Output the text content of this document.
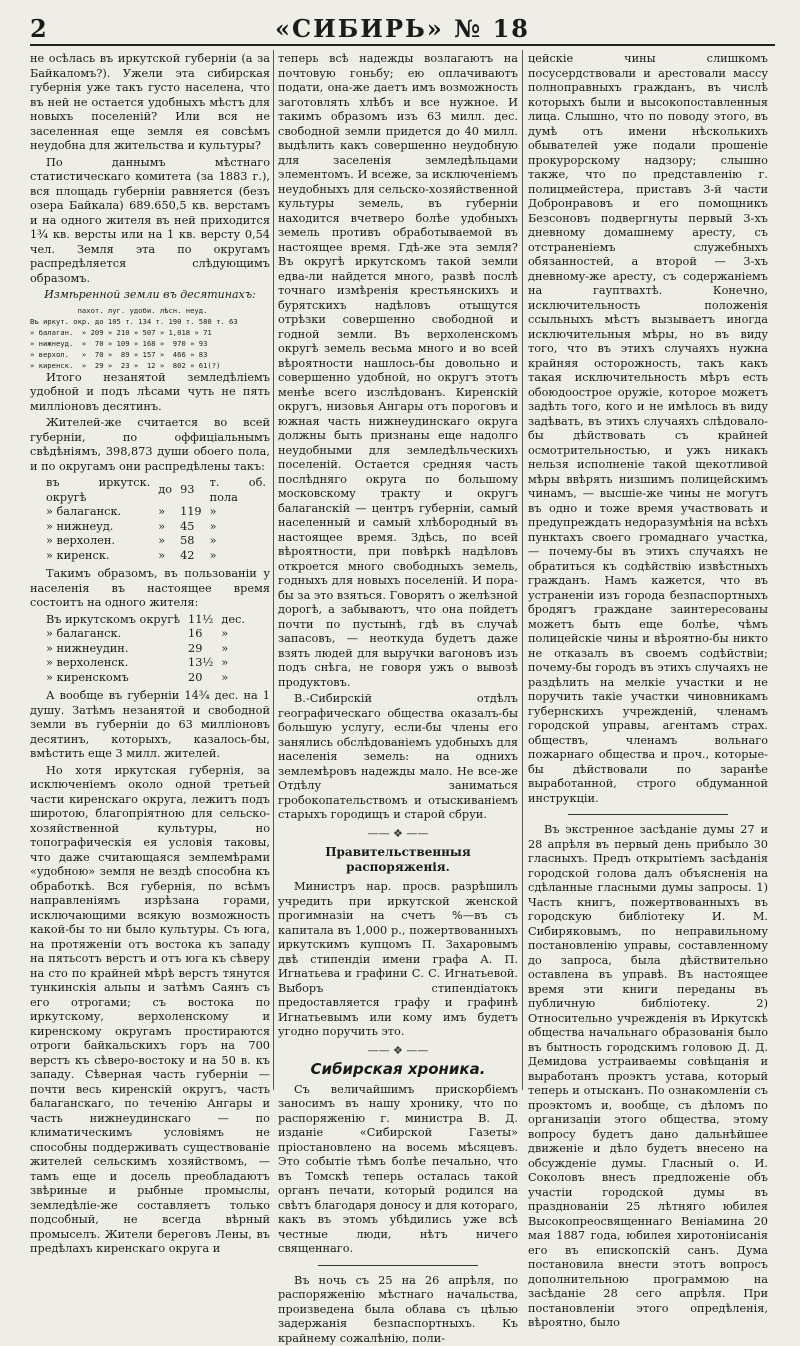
2	«СИБИРЬ» № 18

не осѣлась въ иркутской губерніи (а за Байкаломъ?). Ужели эта сибирская губернія уже такъ густо населена, что въ ней не остается удобныхъ мѣстъ для новыхъ поселеній? Или вся не заселенная еще земля ея совсѣмъ неудобна для жительства и культуры?

По даннымъ мѣстнаго статистическаго комитета (за 1883 г.), вся площадь губерніи равняется (безъ озера Байкала) 689.650,5 кв. верстамъ и на одного жителя въ ней приходится 1¾ кв. версты или на 1 кв. версту 0,54 чел. Земля эта по округамъ распредѣляется слѣдующимъ образомъ.

Измѣренной земли въ десятинахъ:
пахот. луг. удоби. лѣсн. неуд.
Въ иркут. окр. до 105 т. 134 т. 190 т. 580 т. 63
» балаган.  » 209 » 210 » 507 » 1,018 » 71
» нижнеуд.  »  70 » 109 » 168 »  970 » 93
» верхол.   »  70 »  89 » 157 »  466 » 83
» киренск.  »  29 »  23 »  12 »  802 » 61(?)

Итого незанятой земледѣліемъ удобной и подъ лѣсами чуть не пять милліоновъ десятинъ.

Жителей-же считается во всей губерніи, по оффиціальнымъ свѣдѣніямъ, 398,873 души обоего пола, и по округамъ они распредѣлены такъ:

въ иркутск. округѣ	до	93	т. об. пола
» балаганск.	»	119	»
» нижнеуд.	»	45	»
» верхолен.	»	58	»
» киренск.	»	42	»

Такимъ образомъ, въ пользованіи у населенія въ настоящее время состоитъ на одного жителя:

Въ иркутскомъ округѣ	11½	дес.
» балаганск.	16	»
» нижнеудин.	29	»
» верхоленск.	13½	»
» киренскомъ	20	»

А вообще въ губерніи 14¾ дес. на 1 душу. Затѣмъ незанятой и свободной земли въ губерніи до 63 милліоновъ десятинъ, которыхъ, казалось-бы, вмѣстить еще 3 милл. жителей.

Но хотя иркутская губернія, за исключеніемъ около одной третьей части киренскаго округа, лежитъ подъ широтою, благопріятною для сельско-хозяйственной культуры, но топографическія ея условія таковы, что даже считающаяся землемѣрами «удобною» земля не вездѣ способна къ обработкѣ. Вся губернія, по всѣмъ направленіямъ изрѣзана горами, исключающими всякую возможность какой-бы то ни было культуры. Съ юга, на протяженіи отъ востока къ западу на пятьсотъ верстъ и отъ юга къ сѣверу на сто по крайней мѣрѣ верстъ тянутся тункинскія альпы и затѣмъ Саянъ съ его отрогами; съ востока по иркутскому, верхоленскому и киренскому округамъ простираются отроги байкальскихъ горъ на 700 верстъ къ сѣверо-востоку и на 50 в. къ западу. Сѣверная часть губерніи — почти весь киренскій округъ, часть балаганскаго, по теченію Ангары и часть нижнеудинскаго — по климатическимъ условіямъ не способны поддерживать существованіе жителей сельскимъ хозяйствомъ, — тамъ еще и досель преобладаютъ звѣриные и рыбные промыслы, земледѣліе-же составляетъ только подсобный, не всегда вѣрный промыселъ. Жители береговъ Лены, въ предѣлахъ киренскаго округа и

теперь всѣ надежды возлагаютъ на почтовую гоньбу; ею оплачиваютъ подати, она-же даетъ имъ возможность заготовлять хлѣбъ и все нужное. И такимъ образомъ изъ 63 милл. дес. свободной земли придется до 40 милл. выдѣлить какъ совершенно неудобную для заселенія земледѣльцами элементомъ. И всеже, за исключеніемъ неудобныхъ для сельско-хозяйственной культуры земель, въ губерніи находится вчетверо болѣе удобныхъ земель противъ обработываемой въ настоящее время. Гдѣ-же эта земля? Въ округѣ иркутскомъ такой земли едва-ли найдется много, развѣ послѣ точнаго измѣренія крестьянскихъ и бурятскихъ надѣловъ отыщутся отрѣзки совершенно свободной и годной земли. Въ верхоленскомъ округѣ земель весьма много и во всей вѣроятности нашлось-бы довольно и совершенно удобной, но округъ этотъ менѣе всего изслѣдованъ. Киренскій округъ, низовья Ангары отъ пороговъ и южная часть нижнеудинскаго округа должны быть признаны еще надолго неудобными для земледѣльческихъ поселеній. Остается средняя часть послѣдняго округа по большому московскому тракту и округъ балаганскій — центръ губерніи, самый населенный и самый хлѣбородный въ настоящее время. Здѣсь, по всей вѣроятности, при повѣркѣ надѣловъ откроется много свободныхъ земель, годныхъ для новыхъ поселеній. И пора-бы за это взяться. Говорятъ о желѣзной дорогѣ, а забываютъ, что она пойдетъ почти по пустынѣ, гдѣ въ случаѣ запасовъ, — неоткуда будетъ даже взять людей для выручки вагоновъ изъ подъ снѣга, не говоря ужъ о вывозѣ продуктовъ.

В.-Сибирскій отдѣлъ географическаго общества оказалъ-бы большую услугу, если-бы члены его занялись обслѣдованіемъ удобныхъ для населенія земель: на однихъ землемѣровъ надежды мало. Не все-же Отдѣлу заниматься гробокопательствомъ и отыскиваніемъ старыхъ городищъ и старой сбруи.

—— ❖ ——
Правительственныя распоряженія.

Министръ нар. просв. разрѣшилъ учредить при иркутской женской прогимназіи на счетъ %—въ съ капитала въ 1,000 р., пожертвованныхъ иркутскимъ купцомъ П. Захаровымъ двѣ стипендіи имени графа А. П. Игнатьева и графини С. С. Игнатьевой. Выборъ стипендіатокъ предоставляется графу и графинѣ Игнатьевымъ или кому имъ будетъ угодно поручить это.

—— ❖ ——
Сибирская хроника.

Съ величайшимъ прискорбіемъ заносимъ въ нашу хронику, что по распоряженію г. министра В. Д. изданіе «Сибирской Газеты» пріостановлено на восемь мѣсяцевъ. Это событіе тѣмъ болѣе печально, что въ Томскѣ теперь осталась такой органъ печати, который родился на свѣтъ благодаря доносу и для котораго, какъ въ этомъ убѣдились уже всѣ честные люди, нѣтъ ничего священнаго.

Въ ночь съ 25 на 26 апрѣля, по распоряженію мѣстнаго начальства, произведена была облава съ цѣлью задержанія безпаспортныхъ. Къ крайнему сожалѣнію, поли-

цейскіе чины слишкомъ посусердствовали и арестовали массу полноправныхъ гражданъ, въ числѣ которыхъ были и высокопоставленныя лица. Слышно, что по поводу этого, въ думѣ отъ имени нѣсколькихъ обывателей уже подали прошеніе прокурорскому надзору; слышно также, что по представленію г. полицмейстера, приставъ 3-й части Добронравовъ и его помощникъ Безсоновъ подвергнуты первый 3-хъ дневному домашнему аресту, съ отстраненіемъ служебныхъ обязанностей, а второй — 3-хъ дневному-же аресту, съ содержаніемъ на гауптвахтѣ. Конечно, исключительность положенія ссыльныхъ мѣстъ вызываетъ иногда исключительныя мѣры, но въ виду того, что въ этихъ случаяхъ нужна крайняя осторожность, такъ какъ такая исключительность мѣръ есть обоюдоострое оружіе, которое можетъ задѣть того, кого и не имѣлось въ виду задѣвать, въ этихъ случаяхъ слѣдовало-бы дѣйствовать съ крайней осмотрительностью, и ужъ никакъ нельзя исполненіе такой щекотливой мѣры ввѣрять низшимъ полицейскимъ чинамъ, — высшіе-же чины не могутъ въ одно и тоже время участвовать и предупреждать недоразумѣнія на всѣхъ пунктахъ своего громаднаго участка, — почему-бы въ этихъ случаяхъ не обратиться къ содѣйствію извѣстныхъ гражданъ. Намъ кажется, что въ устраненіи изъ города безпаспортныхъ бродягъ граждане заинтересованы можетъ быть еще болѣе, чѣмъ полицейскіе чины и вѣроятно-бы никто не отказалъ въ своемъ содѣйствіи; почему-бы городъ въ этихъ случаяхъ не раздѣлить на мелкіе участки и не поручить такіе участки чиновникамъ губернскихъ учрежденій, членамъ городской управы, агентамъ страх. обществъ, членамъ вольнаго пожарнаго общества и проч., которые-бы дѣйствовали по заранѣе выработанной, строго обдуманной инструкціи.

Въ экстренное засѣданіе думы 27 и 28 апрѣля въ первый день прибыло 30 гласныхъ. Предъ открытіемъ засѣданія городской голова далъ объясненія на сдѣланные гласными думы запросы. 1) Часть книгъ, пожертвованныхъ въ городскую библіотеку И. М. Сибиряковымъ, по неправильному постановленію управы, составленному до запроса, была дѣйствительно оставлена въ управѣ. Въ настоящее время эти книги переданы въ публичную библіотеку. 2) Относительно учрежденія въ Иркутскѣ общества начальнаго образованія было въ бытность городскимъ головою Д. Д. Демидова устраиваемы совѣщанія и выработанъ проэктъ устава, который теперь и отысканъ. По ознакомленіи съ проэктомъ и, вообще, съ дѣломъ по организаціи этого общества, этому вопросу будетъ дано дальнѣйшее движеніе и дѣло будетъ внесено на обсужденіе думы. Гласный о. И. Соколовъ внесъ предложеніе объ участіи городской думы въ празднованіи 25 лѣтняго юбилея Высокопреосвященнаго Веніамина 20 мая 1887 года, юбилея хиротоніисанія его въ епископскій санъ. Дума постановила внести этотъ вопросъ дополнительною программою на засѣданіе 28 сего апрѣля. При постановленіи этого опредѣленія, вѣроятно, было
